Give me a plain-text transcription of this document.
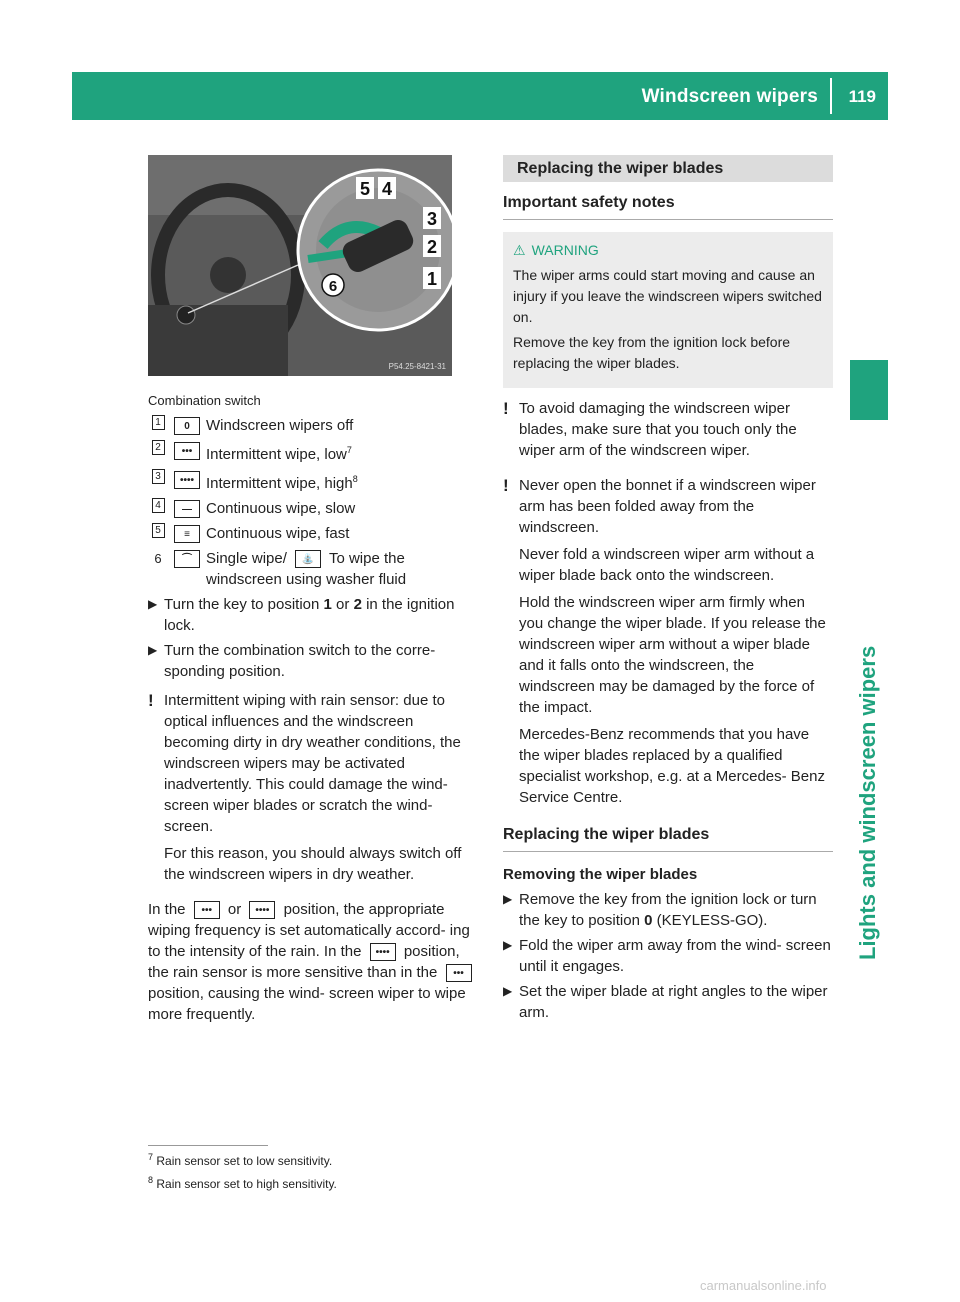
Windscreen wipers 119
Lights and windscreen wipers
5 4
3
2
1
6
P54.25-8421-31
Combination switch
1	0	Windscreen wipers off
2	••• Intermittent wipe, low$^7$
3	•••• Intermittent wipe, high$^8$
4	— Continuous wipe, slow
5	≡	Continuous wipe, fast
6	⌒ Single wipe/ ⛲ To wipe the windscreen using washer fluid
▶ Turn the key to position 1 or 2 in the ignition lock.
▶ Turn the combination switch to the corre- sponding position.
! Intermittent wiping with rain sensor: due to optical influences and the windscreen becoming dirty in dry weather conditions, the windscreen wipers may be activated inadvertently. This could damage the wind- screen wiper blades or scratch the wind- screen.

For this reason, you should always switch off the windscreen wipers in dry weather.

In the ••• or •••• position, the appropriate wiping frequency is set automatically accord- ing to the intensity of the rain. In the •••• position, the rain sensor is more sensitive than in the ••• position, causing the wind- screen wiper to wipe more frequently.

Replacing the wiper blades
Important safety notes
⚠ WARNING

The wiper arms could start moving and cause an injury if you leave the windscreen wipers switched on.

Remove the key from the ignition lock before replacing the wiper blades.

! To avoid damaging the windscreen wiper blades, make sure that you touch only the wiper arm of the windscreen wiper.

! Never open the bonnet if a windscreen wiper arm has been folded away from the windscreen.

Never fold a windscreen wiper arm without a wiper blade back onto the windscreen.

Hold the windscreen wiper arm firmly when you change the wiper blade. If you release the windscreen wiper arm without a wiper blade and it falls onto the windscreen, the windscreen may be damaged by the force of the impact.

Mercedes-Benz recommends that you have the wiper blades replaced by a qualified specialist workshop, e.g. at a Mercedes- Benz Service Centre.

Replacing the wiper blades
Removing the wiper blades
▶ Remove the key from the ignition lock or turn the key to position 0 (KEYLESS-GO).
▶ Fold the wiper arm away from the wind- screen until it engages.
▶ Set the wiper blade at right angles to the wiper arm.
$^7$ Rain sensor set to low sensitivity.
$^8$ Rain sensor set to high sensitivity.
carmanualsonline.info
